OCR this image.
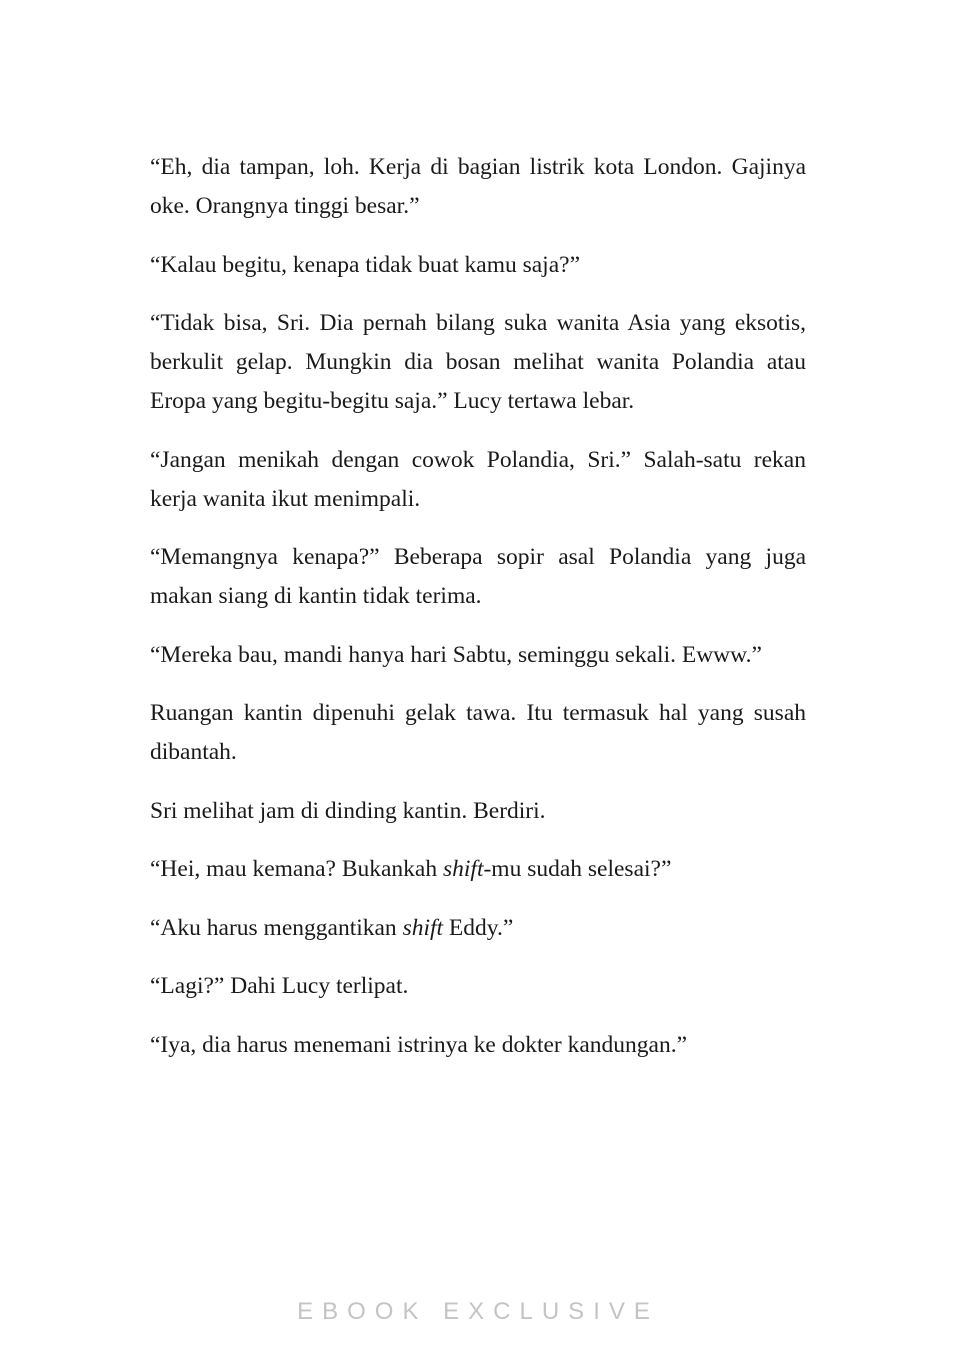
“Eh, dia tampan, loh. Kerja di bagian listrik kota London. Gajinya oke. Orangnya tinggi besar.”

“Kalau begitu, kenapa tidak buat kamu saja?”

“Tidak bisa, Sri. Dia pernah bilang suka wanita Asia yang eksotis, berkulit gelap. Mungkin dia bosan melihat wanita Polandia atau Eropa yang begitu-begitu saja.” Lucy tertawa lebar.

“Jangan menikah dengan cowok Polandia, Sri.” Salah-satu rekan kerja wanita ikut menimpali.

“Memangnya kenapa?” Beberapa sopir asal Polandia yang juga makan siang di kantin tidak terima.

“Mereka bau, mandi hanya hari Sabtu, seminggu sekali. Ewww.”

Ruangan kantin dipenuhi gelak tawa. Itu termasuk hal yang susah dibantah.

Sri melihat jam di dinding kantin. Berdiri.

“Hei, mau kemana? Bukankah shift-mu sudah selesai?”

“Aku harus menggantikan shift Eddy.”

“Lagi?” Dahi Lucy terlipat.

“Iya, dia harus menemani istrinya ke dokter kandungan.”

EBOOK EXCLUSIVE
